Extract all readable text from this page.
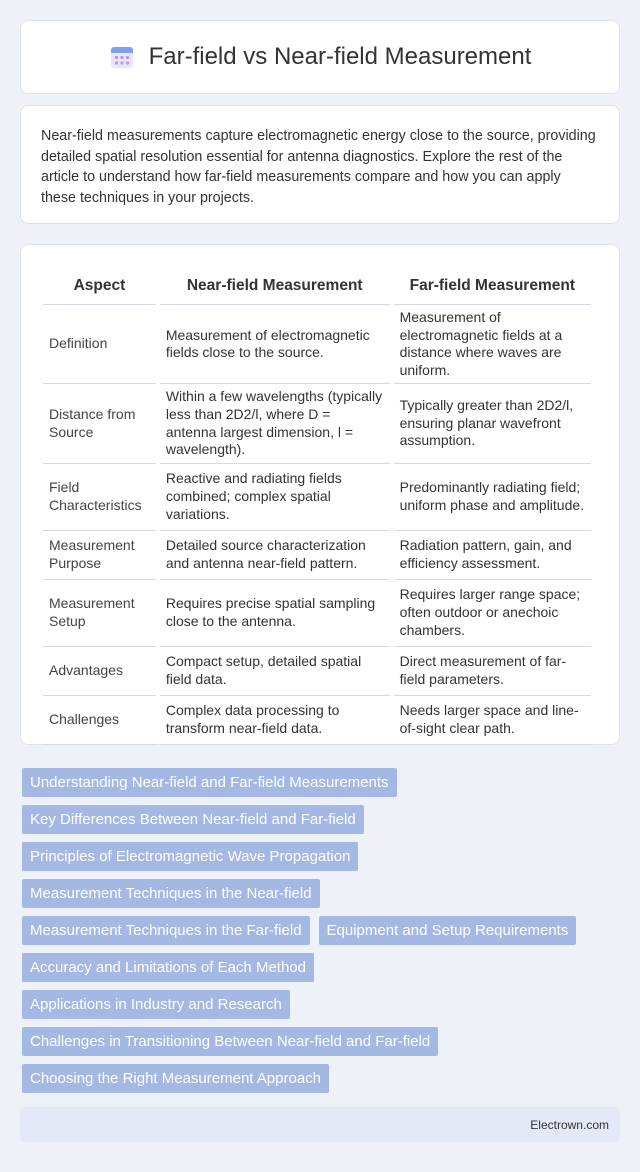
Far-field vs Near-field Measurement

Near-field measurements capture electromagnetic energy close to the source, providing detailed spatial resolution essential for antenna diagnostics. Explore the rest of the article to understand how far-field measurements compare and how you can apply these techniques in your projects.

Aspect	Near-field Measurement	Far-field Measurement
Definition	Measurement of electromagnetic fields close to the source.	Measurement of electromagnetic fields at a distance where waves are uniform.
Distance from Source	Within a few wavelengths (typically less than 2D2/l, where D = antenna largest dimension, l = wavelength).	Typically greater than 2D2/l, ensuring planar wavefront assumption.
Field Characteristics	Reactive and radiating fields combined; complex spatial variations.	Predominantly radiating field; uniform phase and amplitude.
Measurement Purpose	Detailed source characterization and antenna near-field pattern.	Radiation pattern, gain, and efficiency assessment.
Measurement Setup	Requires precise spatial sampling close to the antenna.	Requires larger range space; often outdoor or anechoic chambers.
Advantages	Compact setup, detailed spatial field data.	Direct measurement of far-field parameters.
Challenges	Complex data processing to transform near-field data.	Needs larger space and line-of-sight clear path.
Understanding Near-field and Far-field Measurements
Key Differences Between Near-field and Far-field
Principles of Electromagnetic Wave Propagation
Measurement Techniques in the Near-field
Measurement Techniques in the Far-field	Equipment and Setup Requirements
Accuracy and Limitations of Each Method
Applications in Industry and Research
Challenges in Transitioning Between Near-field and Far-field
Choosing the Right Measurement Approach
Electrown.com
